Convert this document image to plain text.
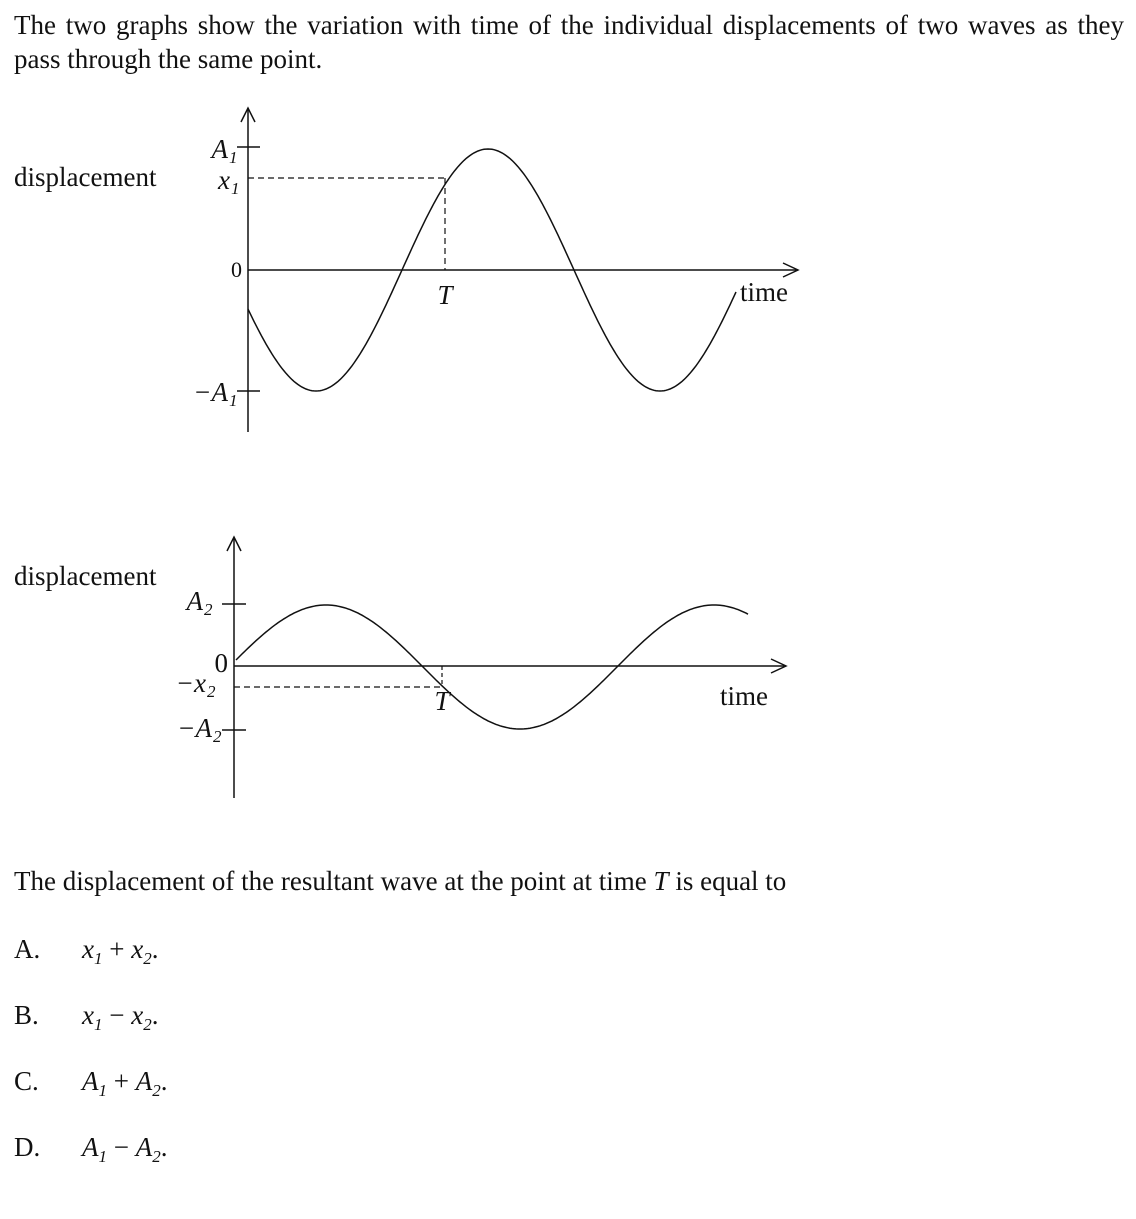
The two graphs show the variation with time of the individual displacements of two waves as they pass through the same point.

displacement
A 1
x 1
0
−A 1
T	time
displacement
A 2
0
−x 2
−A 2
T	time

The displacement of the resultant wave at the point at time T is equal to

A. $x_1 + x_2$.
B. $x_1 - x_2$.
C. $A_1 + A_2$.
D. $A_1 - A_2$.
